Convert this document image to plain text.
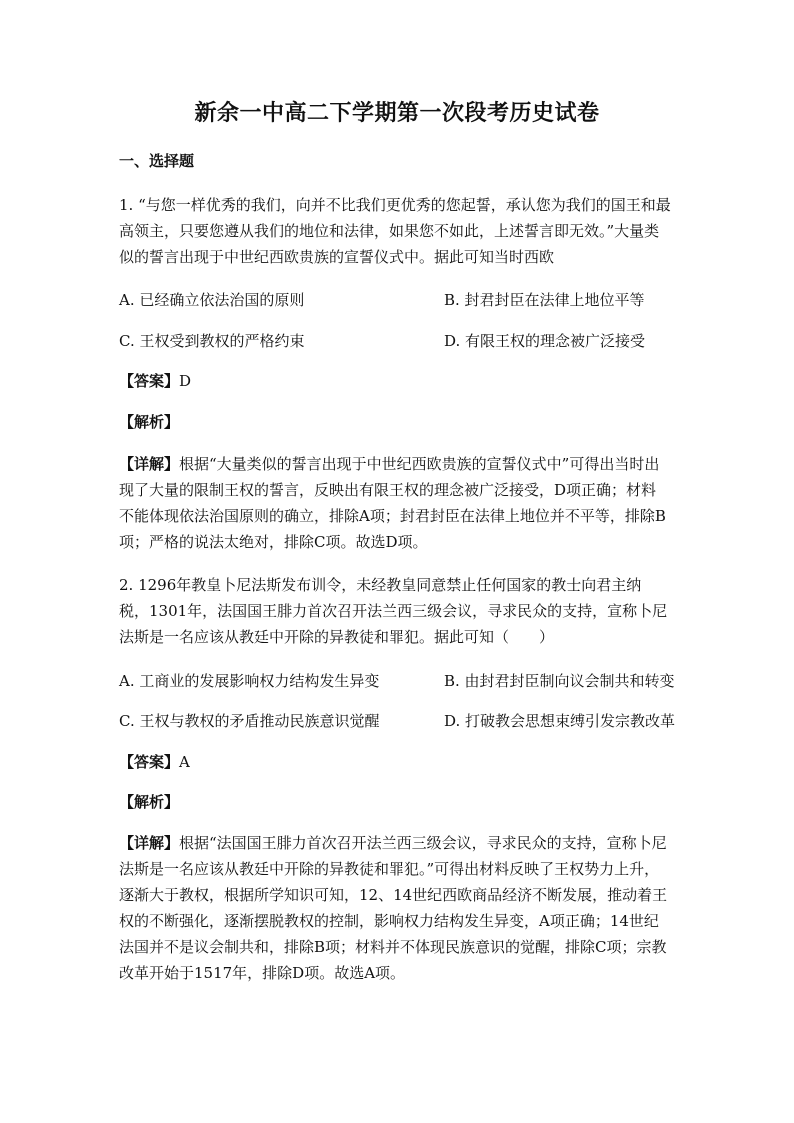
新余一中高二下学期第一次段考历史试卷
一、选择题

1. “与您一样优秀的我们，向并不比我们更优秀的您起誓，承认您为我们的国王和最高领主，只要您遵从我们的地位和法律，如果您不如此，上述誓言即无效。”大量类似的誓言出现于中世纪西欧贵族的宣誓仪式中。据此可知当时西欧

A. 已经确立依法治国的原则	B. 封君封臣在法律上地位平等
C. 王权受到教权的严格约束	D. 有限王权的理念被广泛接受
【答案】D
【解析】

【详解】根据“大量类似的誓言出现于中世纪西欧贵族的宣誓仪式中”可得出当时出现了大量的限制王权的誓言，反映出有限王权的理念被广泛接受，D项正确；材料不能体现依法治国原则的确立，排除A项；封君封臣在法律上地位并不平等，排除B项；严格的说法太绝对，排除C项。故选D项。

2. 1296年教皇卜尼法斯发布训令，未经教皇同意禁止任何国家的教士向君主纳税，1301年，法国国王腓力首次召开法兰西三级会议，寻求民众的支持，宣称卜尼法斯是一名应该从教廷中开除的异教徒和罪犯。据此可知（　　）

A. 工商业的发展影响权力结构发生异变	B. 由封君封臣制向议会制共和转变
C. 王权与教权的矛盾推动民族意识觉醒	D. 打破教会思想束缚引发宗教改革
【答案】A
【解析】

【详解】根据“法国国王腓力首次召开法兰西三级会议，寻求民众的支持，宣称卜尼法斯是一名应该从教廷中开除的异教徒和罪犯。”可得出材料反映了王权势力上升，逐渐大于教权，根据所学知识可知，12、14世纪西欧商品经济不断发展，推动着王权的不断强化，逐渐摆脱教权的控制，影响权力结构发生异变，A项正确；14世纪法国并不是议会制共和，排除B项；材料并不体现民族意识的觉醒，排除C项；宗教改革开始于1517年，排除D项。故选A项。
